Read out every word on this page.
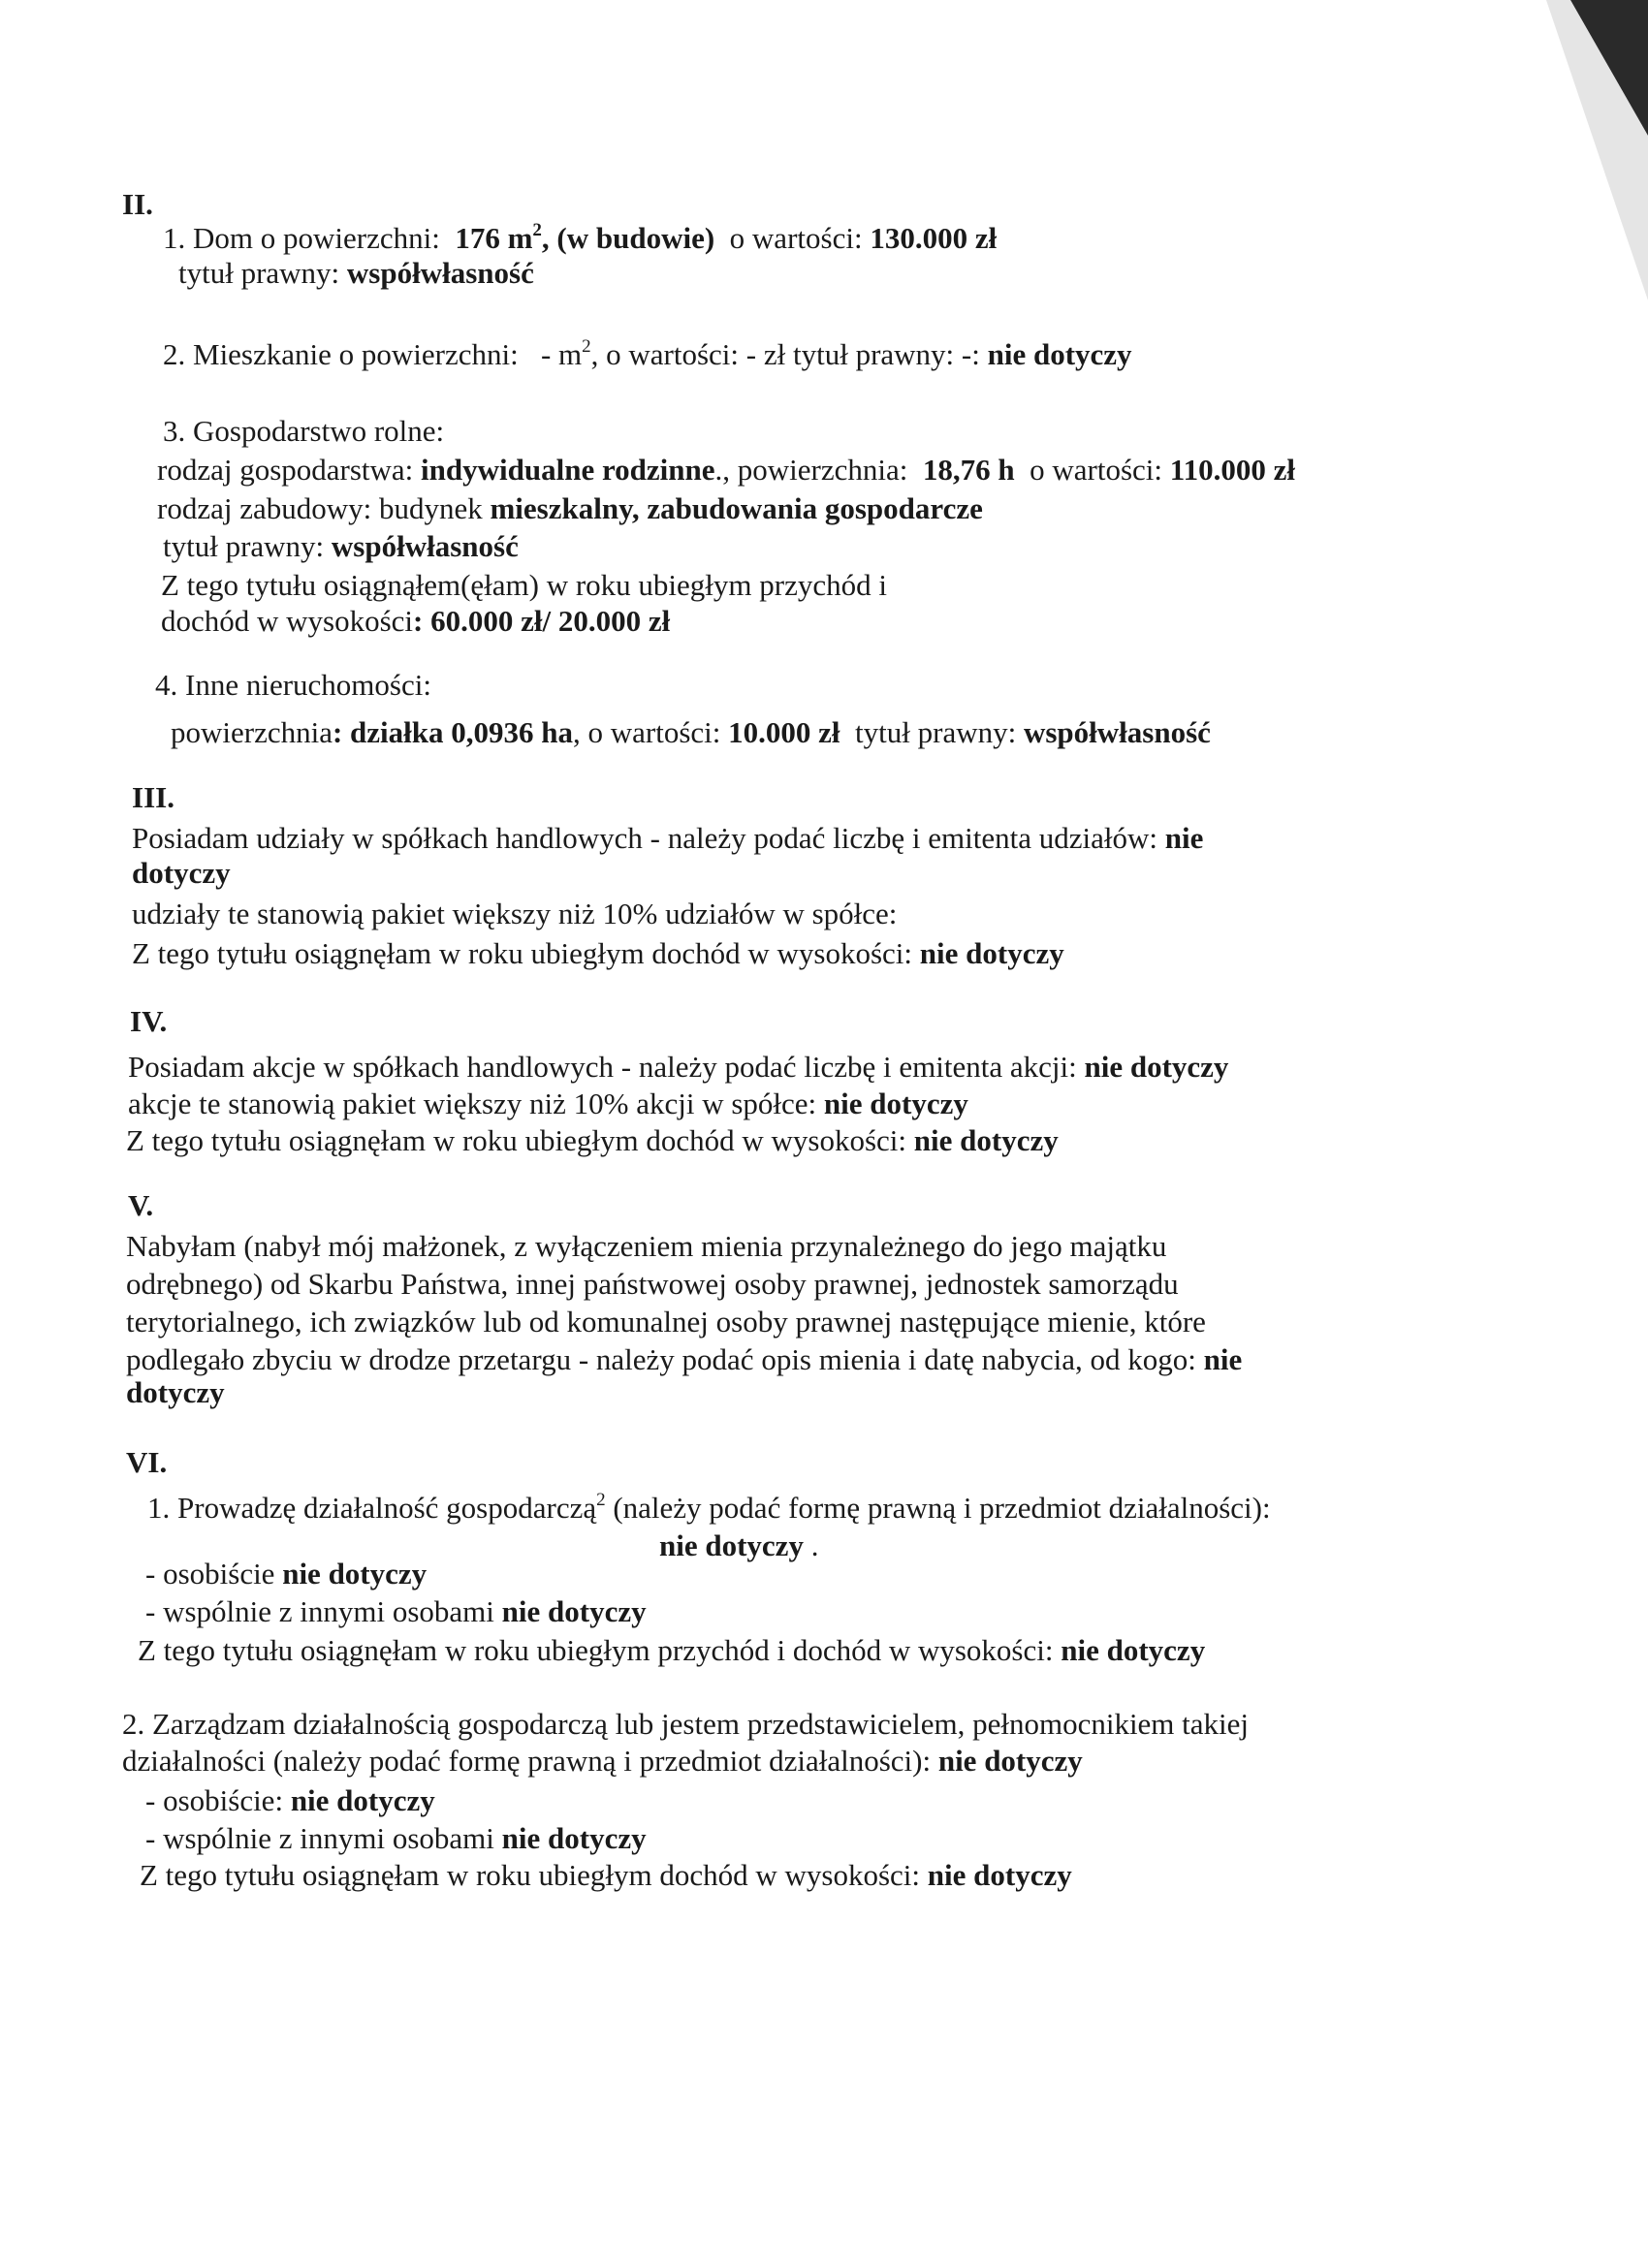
II.
1. Dom o powierzchni: 176 $m^2$, (w budowie) o wartości: 130.000 zł
tytuł prawny: współwłasność
2. Mieszkanie o powierzchni: - $m^2$, o wartości: - zł tytuł prawny: -: nie dotyczy
3. Gospodarstwo rolne:
rodzaj gospodarstwa: indywidualne rodzinne., powierzchnia: 18,76 h o wartości: 110.000 zł
rodzaj zabudowy: budynek mieszkalny, zabudowania gospodarcze
tytuł prawny: współwłasność
Z tego tytułu osiągnąłem(ęłam) w roku ubiegłym przychód i
dochód w wysokości: 60.000 zł/ 20.000 zł
4. Inne nieruchomości:
powierzchnia: działka 0,0936 ha, o wartości: 10.000 zł tytuł prawny: współwłasność
III.
Posiadam udziały w spółkach handlowych - należy podać liczbę i emitenta udziałów: nie
dotyczy
udziały te stanowią pakiet większy niż 10% udziałów w spółce:
Z tego tytułu osiągnęłam w roku ubiegłym dochód w wysokości: nie dotyczy
IV.
Posiadam akcje w spółkach handlowych - należy podać liczbę i emitenta akcji: nie dotyczy
akcje te stanowią pakiet większy niż 10% akcji w spółce: nie dotyczy
Z tego tytułu osiągnęłam w roku ubiegłym dochód w wysokości: nie dotyczy
V.
Nabyłam (nabył mój małżonek, z wyłączeniem mienia przynależnego do jego majątku
odrębnego) od Skarbu Państwa, innej państwowej osoby prawnej, jednostek samorządu
terytorialnego, ich związków lub od komunalnej osoby prawnej następujące mienie, które
podlegało zbyciu w drodze przetargu - należy podać opis mienia i datę nabycia, od kogo: nie
dotyczy
VI.
1. Prowadzę działalność gospodarczą$^2$ (należy podać formę prawną i przedmiot działalności):
nie dotyczy .
- osobiście nie dotyczy
- wspólnie z innymi osobami nie dotyczy
Z tego tytułu osiągnęłam w roku ubiegłym przychód i dochód w wysokości: nie dotyczy
2. Zarządzam działalnością gospodarczą lub jestem przedstawicielem, pełnomocnikiem takiej
działalności (należy podać formę prawną i przedmiot działalności): nie dotyczy
- osobiście: nie dotyczy
- wspólnie z innymi osobami nie dotyczy
Z tego tytułu osiągnęłam w roku ubiegłym dochód w wysokości: nie dotyczy
